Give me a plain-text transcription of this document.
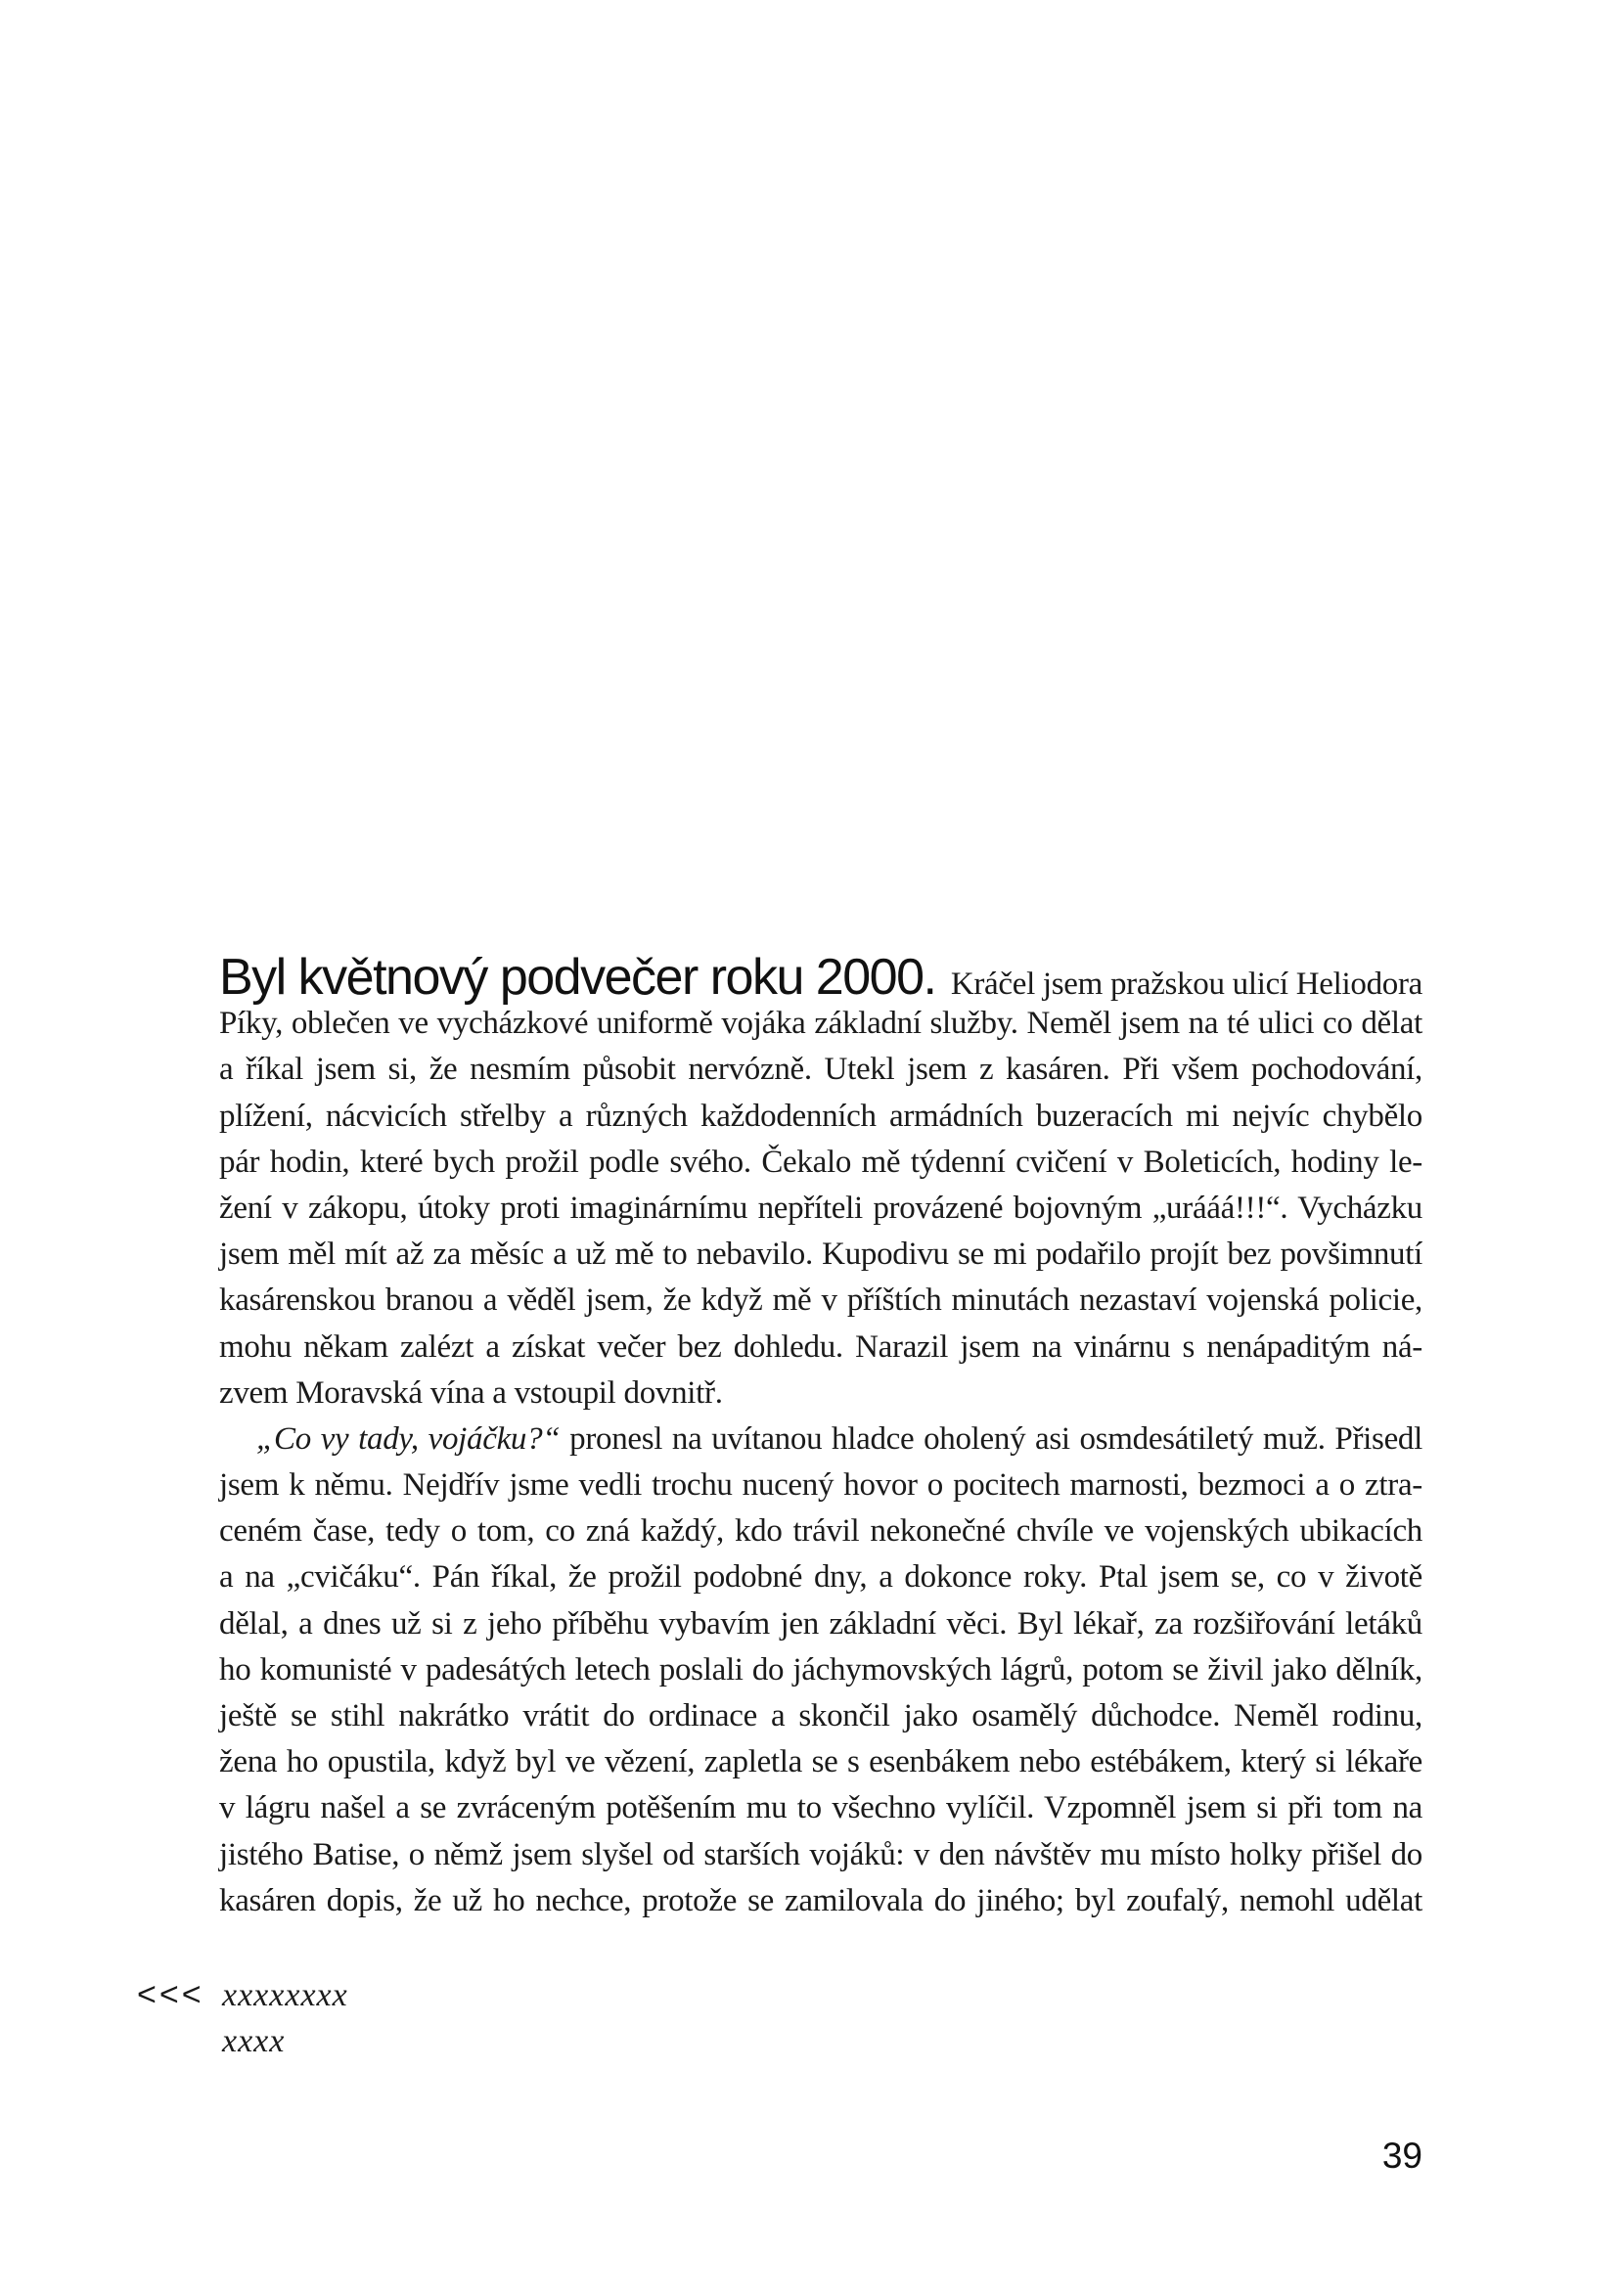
Byl květnový podvečer roku 2000. Kráčel jsem pražskou ulicí Heliodora
Píky, oblečen ve vycházkové uniformě vojáka základní služby. Neměl jsem na té ulici co dělat
a říkal jsem si, že nesmím působit nervózně. Utekl jsem z kasáren. Při všem pochodování,
plížení, nácvicích střelby a různých každodenních armádních buzeracích mi nejvíc chybělo
pár hodin, které bych prožil podle svého. Čekalo mě týdenní cvičení v Boleticích, hodiny le-
žení v zákopu, útoky proti imaginárnímu nepříteli provázené bojovným „urááá!!!“. Vycházku
jsem měl mít až za měsíc a už mě to nebavilo. Kupodivu se mi podařilo projít bez povšimnutí
kasárenskou branou a věděl jsem, že když mě v příštích minutách nezastaví vojenská policie,
mohu někam zalézt a získat večer bez dohledu. Narazil jsem na vinárnu s nenápaditým ná-
zvem Moravská vína a vstoupil dovnitř.
„Co vy tady, vojáčku?“ pronesl na uvítanou hladce oholený asi osmdesátiletý muž. Přisedl
jsem k němu. Nejdřív jsme vedli trochu nucený hovor o pocitech marnosti, bezmoci a o ztra-
ceném čase, tedy o tom, co zná každý, kdo trávil nekonečné chvíle ve vojenských ubikacích
a na „cvičáku“. Pán říkal, že prožil podobné dny, a dokonce roky. Ptal jsem se, co v životě
dělal, a dnes už si z jeho příběhu vybavím jen základní věci. Byl lékař, za rozšiřování letáků
ho komunisté v padesátých letech poslali do jáchymovských lágrů, potom se živil jako dělník,
ještě se stihl nakrátko vrátit do ordinace a skončil jako osamělý důchodce. Neměl rodinu,
žena ho opustila, když byl ve vězení, zapletla se s esenbákem nebo estébákem, který si lékaře
v lágru našel a se zvráceným potěšením mu to všechno vylíčil. Vzpomněl jsem si při tom na
jistého Batise, o němž jsem slyšel od starších vojáků: v den návštěv mu místo holky přišel do
kasáren dopis, že už ho nechce, protože se zamilovala do jiného; byl zoufalý, nemohl udělat
<<< xxxxxxxx
xxxx
39
